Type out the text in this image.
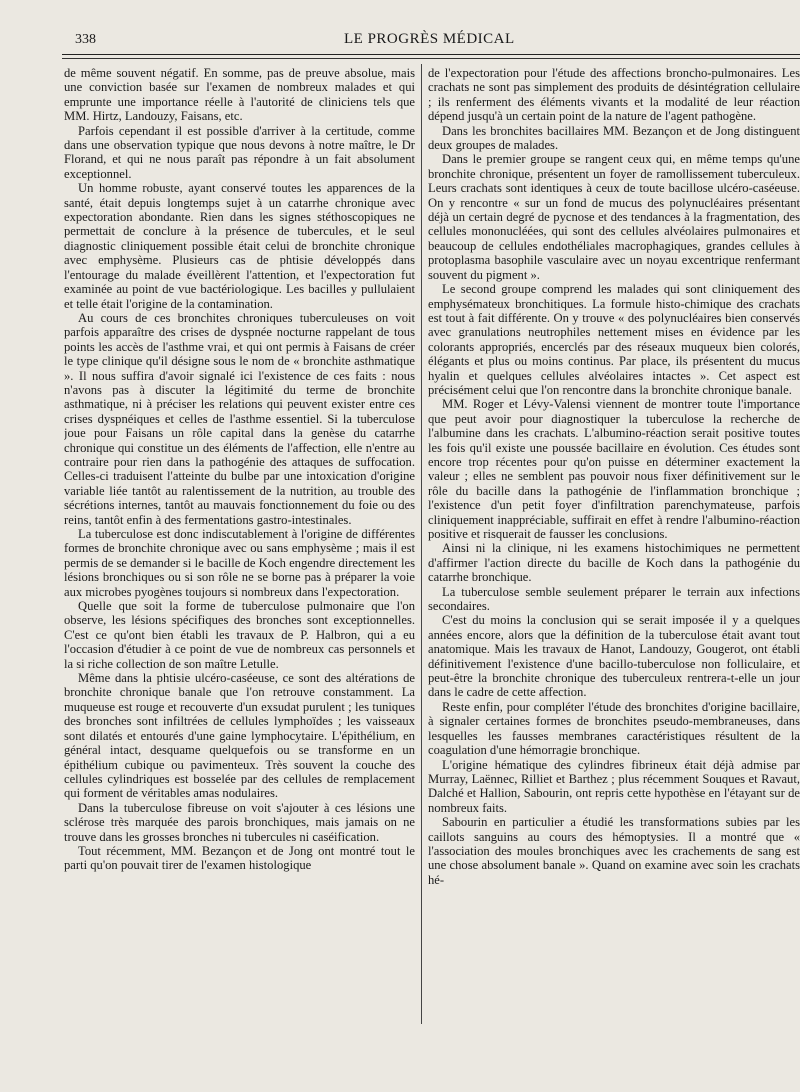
338	LE PROGRÈS MÉDICAL

de même souvent négatif. En somme, pas de preuve absolue, mais une conviction basée sur l'examen de nombreux malades et qui emprunte une importance réelle à l'autorité de cliniciens tels que MM. Hirtz, Landouzy, Faisans, etc.

Parfois cependant il est possible d'arriver à la certitude, comme dans une observation typique que nous devons à notre maître, le Dr Florand, et qui ne nous paraît pas répondre à un fait absolument exceptionnel.

Un homme robuste, ayant conservé toutes les apparences de la santé, était depuis longtemps sujet à un catarrhe chronique avec expectoration abondante. Rien dans les signes stéthoscopiques ne permettait de conclure à la présence de tubercules, et le seul diagnostic cliniquement possible était celui de bronchite chronique avec emphysème. Plusieurs cas de phtisie développés dans l'entourage du malade éveillèrent l'attention, et l'expectoration fut examinée au point de vue bactériologique. Les bacilles y pullulaient et telle était l'origine de la contamination.

Au cours de ces bronchites chroniques tuberculeuses on voit parfois apparaître des crises de dyspnée nocturne rappelant de tous points les accès de l'asthme vrai, et qui ont permis à Faisans de créer le type clinique qu'il désigne sous le nom de « bronchite asthmatique ». Il nous suffira d'avoir signalé ici l'existence de ces faits : nous n'avons pas à discuter la légitimité du terme de bronchite asthmatique, ni à préciser les relations qui peuvent exister entre ces crises dyspnéiques et celles de l'asthme essentiel. Si la tuberculose joue pour Faisans un rôle capital dans la genèse du catarrhe chronique qui constitue un des éléments de l'affection, elle n'entre au contraire pour rien dans la pathogénie des attaques de suffocation. Celles-ci traduisent l'atteinte du bulbe par une intoxication d'origine variable liée tantôt au ralentissement de la nutrition, au trouble des sécrétions internes, tantôt au mauvais fonctionnement du foie ou des reins, tantôt enfin à des fermentations gastro-intestinales.

La tuberculose est donc indiscutablement à l'origine de différentes formes de bronchite chronique avec ou sans emphysème ; mais il est permis de se demander si le bacille de Koch engendre directement les lésions bronchiques ou si son rôle ne se borne pas à préparer la voie aux microbes pyogènes toujours si nombreux dans l'expectoration.

Quelle que soit la forme de tuberculose pulmonaire que l'on observe, les lésions spécifiques des bronches sont exceptionnelles. C'est ce qu'ont bien établi les travaux de P. Halbron, qui a eu l'occasion d'étudier à ce point de vue de nombreux cas personnels et la si riche collection de son maître Letulle.

Même dans la phtisie ulcéro-caséeuse, ce sont des altérations de bronchite chronique banale que l'on retrouve constamment. La muqueuse est rouge et recouverte d'un exsudat purulent ; les tuniques des bronches sont infiltrées de cellules lymphoïdes ; les vaisseaux sont dilatés et entourés d'une gaine lymphocytaire. L'épithélium, en général intact, desquame quelquefois ou se transforme en un épithélium cubique ou pavimenteux. Très souvent la couche des cellules cylindriques est bosselée par des cellules de remplacement qui forment de véritables amas nodulaires.

Dans la tuberculose fibreuse on voit s'ajouter à ces lésions une sclérose très marquée des parois bronchiques, mais jamais on ne trouve dans les grosses bronches ni tubercules ni caséification.

Tout récemment, MM. Bezançon et de Jong ont montré tout le parti qu'on pouvait tirer de l'examen histologique

de l'expectoration pour l'étude des affections broncho-pulmonaires. Les crachats ne sont pas simplement des produits de désintégration cellulaire ; ils renferment des éléments vivants et la modalité de leur réaction dépend jusqu'à un certain point de la nature de l'agent pathogène.

Dans les bronchites bacillaires MM. Bezançon et de Jong distinguent deux groupes de malades.

Dans le premier groupe se rangent ceux qui, en même temps qu'une bronchite chronique, présentent un foyer de ramollissement tuberculeux. Leurs crachats sont identiques à ceux de toute bacillose ulcéro-caséeuse. On y rencontre « sur un fond de mucus des polynucléaires présentant déjà un certain degré de pycnose et des tendances à la fragmentation, des cellules mononucléées, qui sont des cellules alvéolaires pulmonaires et beaucoup de cellules endothéliales macrophagiques, grandes cellules à protoplasma basophile vasculaire avec un noyau excentrique renfermant souvent du pigment ».

Le second groupe comprend les malades qui sont cliniquement des emphysémateux bronchitiques. La formule histo-chimique des crachats est tout à fait différente. On y trouve « des polynucléaires bien conservés avec granulations neutrophiles nettement mises en évidence par les colorants appropriés, encerclés par des réseaux muqueux bien colorés, élégants et plus ou moins continus. Par place, ils présentent du mucus hyalin et quelques cellules alvéolaires intactes ». Cet aspect est précisément celui que l'on rencontre dans la bronchite chronique banale.

MM. Roger et Lévy-Valensi viennent de montrer toute l'importance que peut avoir pour diagnostiquer la tuberculose la recherche de l'albumine dans les crachats. L'albumino-réaction serait positive toutes les fois qu'il existe une poussée bacillaire en évolution. Ces études sont encore trop récentes pour qu'on puisse en déterminer exactement la valeur ; elles ne semblent pas pouvoir nous fixer définitivement sur le rôle du bacille dans la pathogénie de l'inflammation bronchique ; l'existence d'un petit foyer d'infiltration parenchymateuse, parfois cliniquement inappréciable, suffirait en effet à rendre l'albumino-réaction positive et risquerait de fausser les conclusions.

Ainsi ni la clinique, ni les examens histochimiques ne permettent d'affirmer l'action directe du bacille de Koch dans la pathogénie du catarrhe bronchique.

La tuberculose semble seulement préparer le terrain aux infections secondaires.

C'est du moins la conclusion qui se serait imposée il y a quelques années encore, alors que la définition de la tuberculose était avant tout anatomique. Mais les travaux de Hanot, Landouzy, Gougerot, ont établi définitivement l'existence d'une bacillo-tuberculose non folliculaire, et peut-être la bronchite chronique des tuberculeux rentrera-t-elle un jour dans le cadre de cette affection.

Reste enfin, pour compléter l'étude des bronchites d'origine bacillaire, à signaler certaines formes de bronchites pseudo-membraneuses, dans lesquelles les fausses membranes caractéristiques résultent de la coagulation d'une hémorragie bronchique.

L'origine hématique des cylindres fibrineux était déjà admise par Murray, Laënnec, Rilliet et Barthez ; plus récemment Souques et Ravaut, Dalché et Hallion, Sabourin, ont repris cette hypothèse en l'étayant sur de nombreux faits.

Sabourin en particulier a étudié les transformations subies par les caillots sanguins au cours des hémoptysies. Il a montré que « l'association des moules bronchiques avec les crachements de sang est une chose absolument banale ». Quand on examine avec soin les crachats hé-
